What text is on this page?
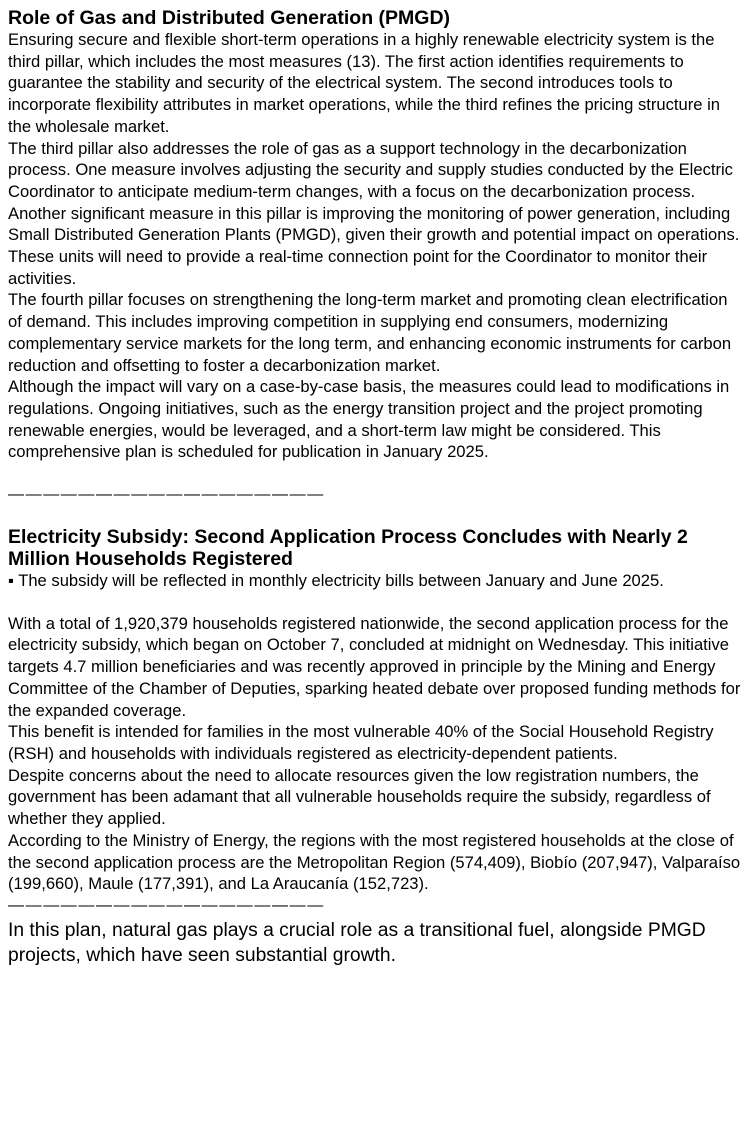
Role of Gas and Distributed Generation (PMGD)

Ensuring secure and flexible short-term operations in a highly renewable electricity system is the third pillar, which includes the most measures (13). The first action identifies requirements to guarantee the stability and security of the electrical system. The second introduces tools to incorporate flexibility attributes in market operations, while the third refines the pricing structure in the wholesale market.

The third pillar also addresses the role of gas as a support technology in the decarbonization process. One measure involves adjusting the security and supply studies conducted by the Electric Coordinator to anticipate medium-term changes, with a focus on the decarbonization process.

Another significant measure in this pillar is improving the monitoring of power generation, including Small Distributed Generation Plants (PMGD), given their growth and potential impact on operations. These units will need to provide a real-time connection point for the Coordinator to monitor their activities.

The fourth pillar focuses on strengthening the long-term market and promoting clean electrification of demand. This includes improving competition in supplying end consumers, modernizing complementary service markets for the long term, and enhancing economic instruments for carbon reduction and offsetting to foster a decarbonization market.

Although the impact will vary on a case-by-case basis, the measures could lead to modifications in regulations. Ongoing initiatives, such as the energy transition project and the project promoting renewable energies, would be leveraged, and a short-term law might be considered. This comprehensive plan is scheduled for publication in January 2025.

——————————————————

Electricity Subsidy: Second Application Process Concludes with Nearly 2 Million Households Registered

▪ The subsidy will be reflected in monthly electricity bills between January and June 2025.

With a total of 1,920,379 households registered nationwide, the second application process for the electricity subsidy, which began on October 7, concluded at midnight on Wednesday. This initiative targets 4.7 million beneficiaries and was recently approved in principle by the Mining and Energy Committee of the Chamber of Deputies, sparking heated debate over proposed funding methods for the expanded coverage.

This benefit is intended for families in the most vulnerable 40% of the Social Household Registry (RSH) and households with individuals registered as electricity-dependent patients.

Despite concerns about the need to allocate resources given the low registration numbers, the government has been adamant that all vulnerable households require the subsidy, regardless of whether they applied.

According to the Ministry of Energy, the regions with the most registered households at the close of the second application process are the Metropolitan Region (574,409), Biobío (207,947), Valparaíso (199,660), Maule (177,391), and La Araucanía (152,723).

——————————————————

In this plan, natural gas plays a crucial role as a transitional fuel, alongside PMGD projects, which have seen substantial growth.
